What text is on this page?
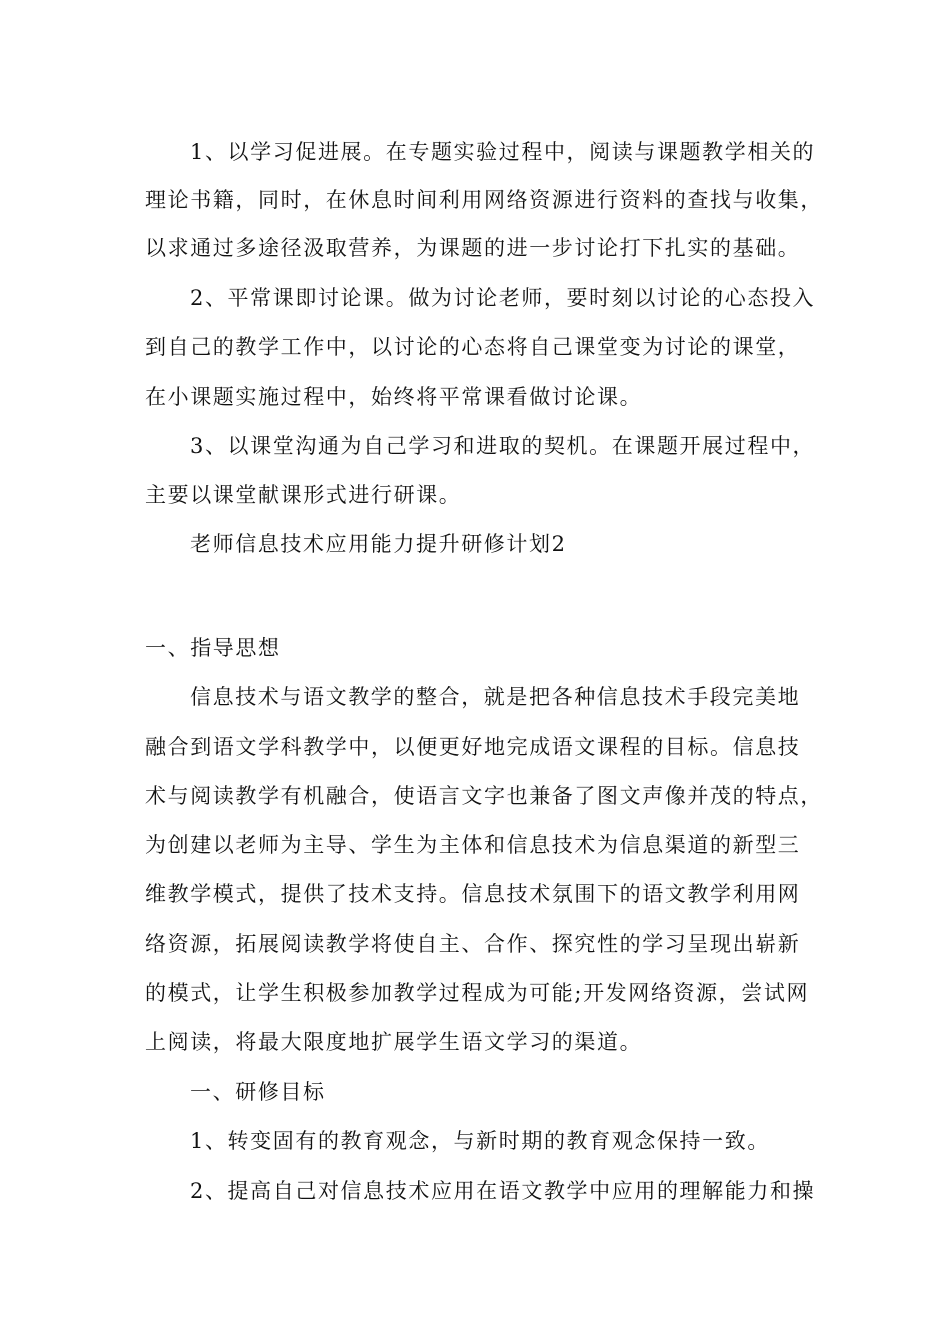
1、以学习促进展。在专题实验过程中，阅读与课题教学相关的
理论书籍，同时，在休息时间利用网络资源进行资料的查找与收集，
以求通过多途径汲取营养，为课题的进一步讨论打下扎实的基础。
2、平常课即讨论课。做为讨论老师，要时刻以讨论的心态投入
到自己的教学工作中，以讨论的心态将自己课堂变为讨论的课堂，
在小课题实施过程中，始终将平常课看做讨论课。
3、以课堂沟通为自己学习和进取的契机。在课题开展过程中，
主要以课堂献课形式进行研课。
老师信息技术应用能力提升研修计划2
一、指导思想
信息技术与语文教学的整合，就是把各种信息技术手段完美地
融合到语文学科教学中，以便更好地完成语文课程的目标。信息技
术与阅读教学有机融合，使语言文字也兼备了图文声像并茂的特点，
为创建以老师为主导、学生为主体和信息技术为信息渠道的新型三
维教学模式，提供了技术支持。信息技术氛围下的语文教学利用网
络资源，拓展阅读教学将使自主、合作、探究性的学习呈现出崭新
的模式，让学生积极参加教学过程成为可能;开发网络资源，尝试网
上阅读，将最大限度地扩展学生语文学习的渠道。
一、研修目标
1、转变固有的教育观念，与新时期的教育观念保持一致。
2、提高自己对信息技术应用在语文教学中应用的理解能力和操
